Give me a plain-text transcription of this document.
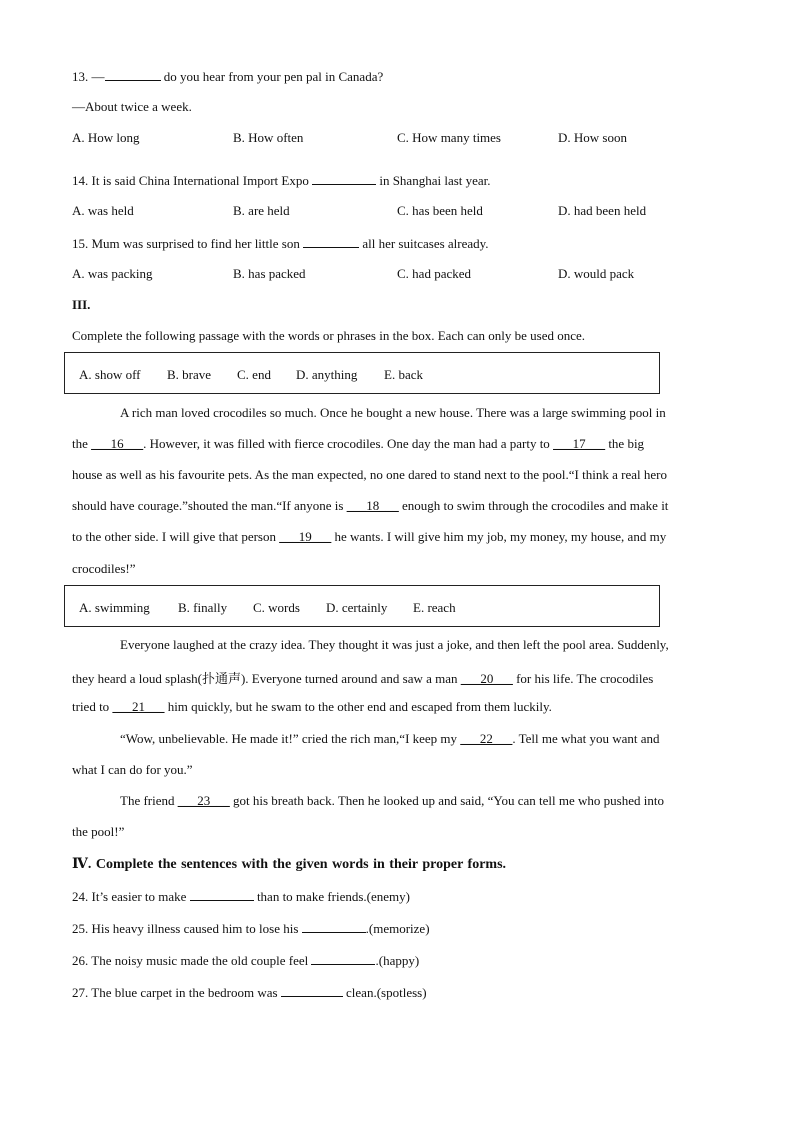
13. —	do you hear from your pen pal in Canada?
—About twice a week.
A. How long	B. How often	C. How many times	D. How soon
14. It is said China International Import Expo	in Shanghai last year.
A. was held	B. are held	C. has been held	D. had been held
15. Mum was surprised to find her little son	all her suitcases already.
A. was packing	B. has packed	C. had packed	D. would pack
III.
Complete the following passage with the words or phrases in the box. Each can only be used once.
A. show off B. brave C. end D. anything E. back
A rich man loved crocodiles so much. Once he bought a new house. There was a large swimming pool in
the ___16___. However, it was filled with fierce crocodiles. One day the man had a party to ___17___ the big
house as well as his favourite pets. As the man expected, no one dared to stand next to the pool.“I think a real hero
should have courage.”shouted the man.“If anyone is ___18___ enough to swim through the crocodiles and make it
to the other side. I will give that person ___19___ he wants. I will give him my job, my money, my house, and my
crocodiles!”
A. swimming B. finally C. words D. certainly E. reach
Everyone laughed at the crazy idea. They thought it was just a joke, and then left the pool area. Suddenly,
they heard a loud splash(扑通声). Everyone turned around and saw a man ___20___ for his life. The crocodiles
tried to ___21___ him quickly, but he swam to the other end and escaped from them luckily.
“Wow, unbelievable. He made it!” cried the rich man,“I keep my ___22___. Tell me what you want and
what I can do for you.”
The friend ___23___ got his breath back. Then he looked up and said, “You can tell me who pushed into
the pool!”
Ⅳ. Complete the sentences with the given words in their proper forms.
24. It’s easier to make	than to make friends.(enemy)
25. His heavy illness caused him to lose his	.(memorize)
26. The noisy music made the old couple feel	.(happy)
27. The blue carpet in the bedroom was	clean.(spotless)
